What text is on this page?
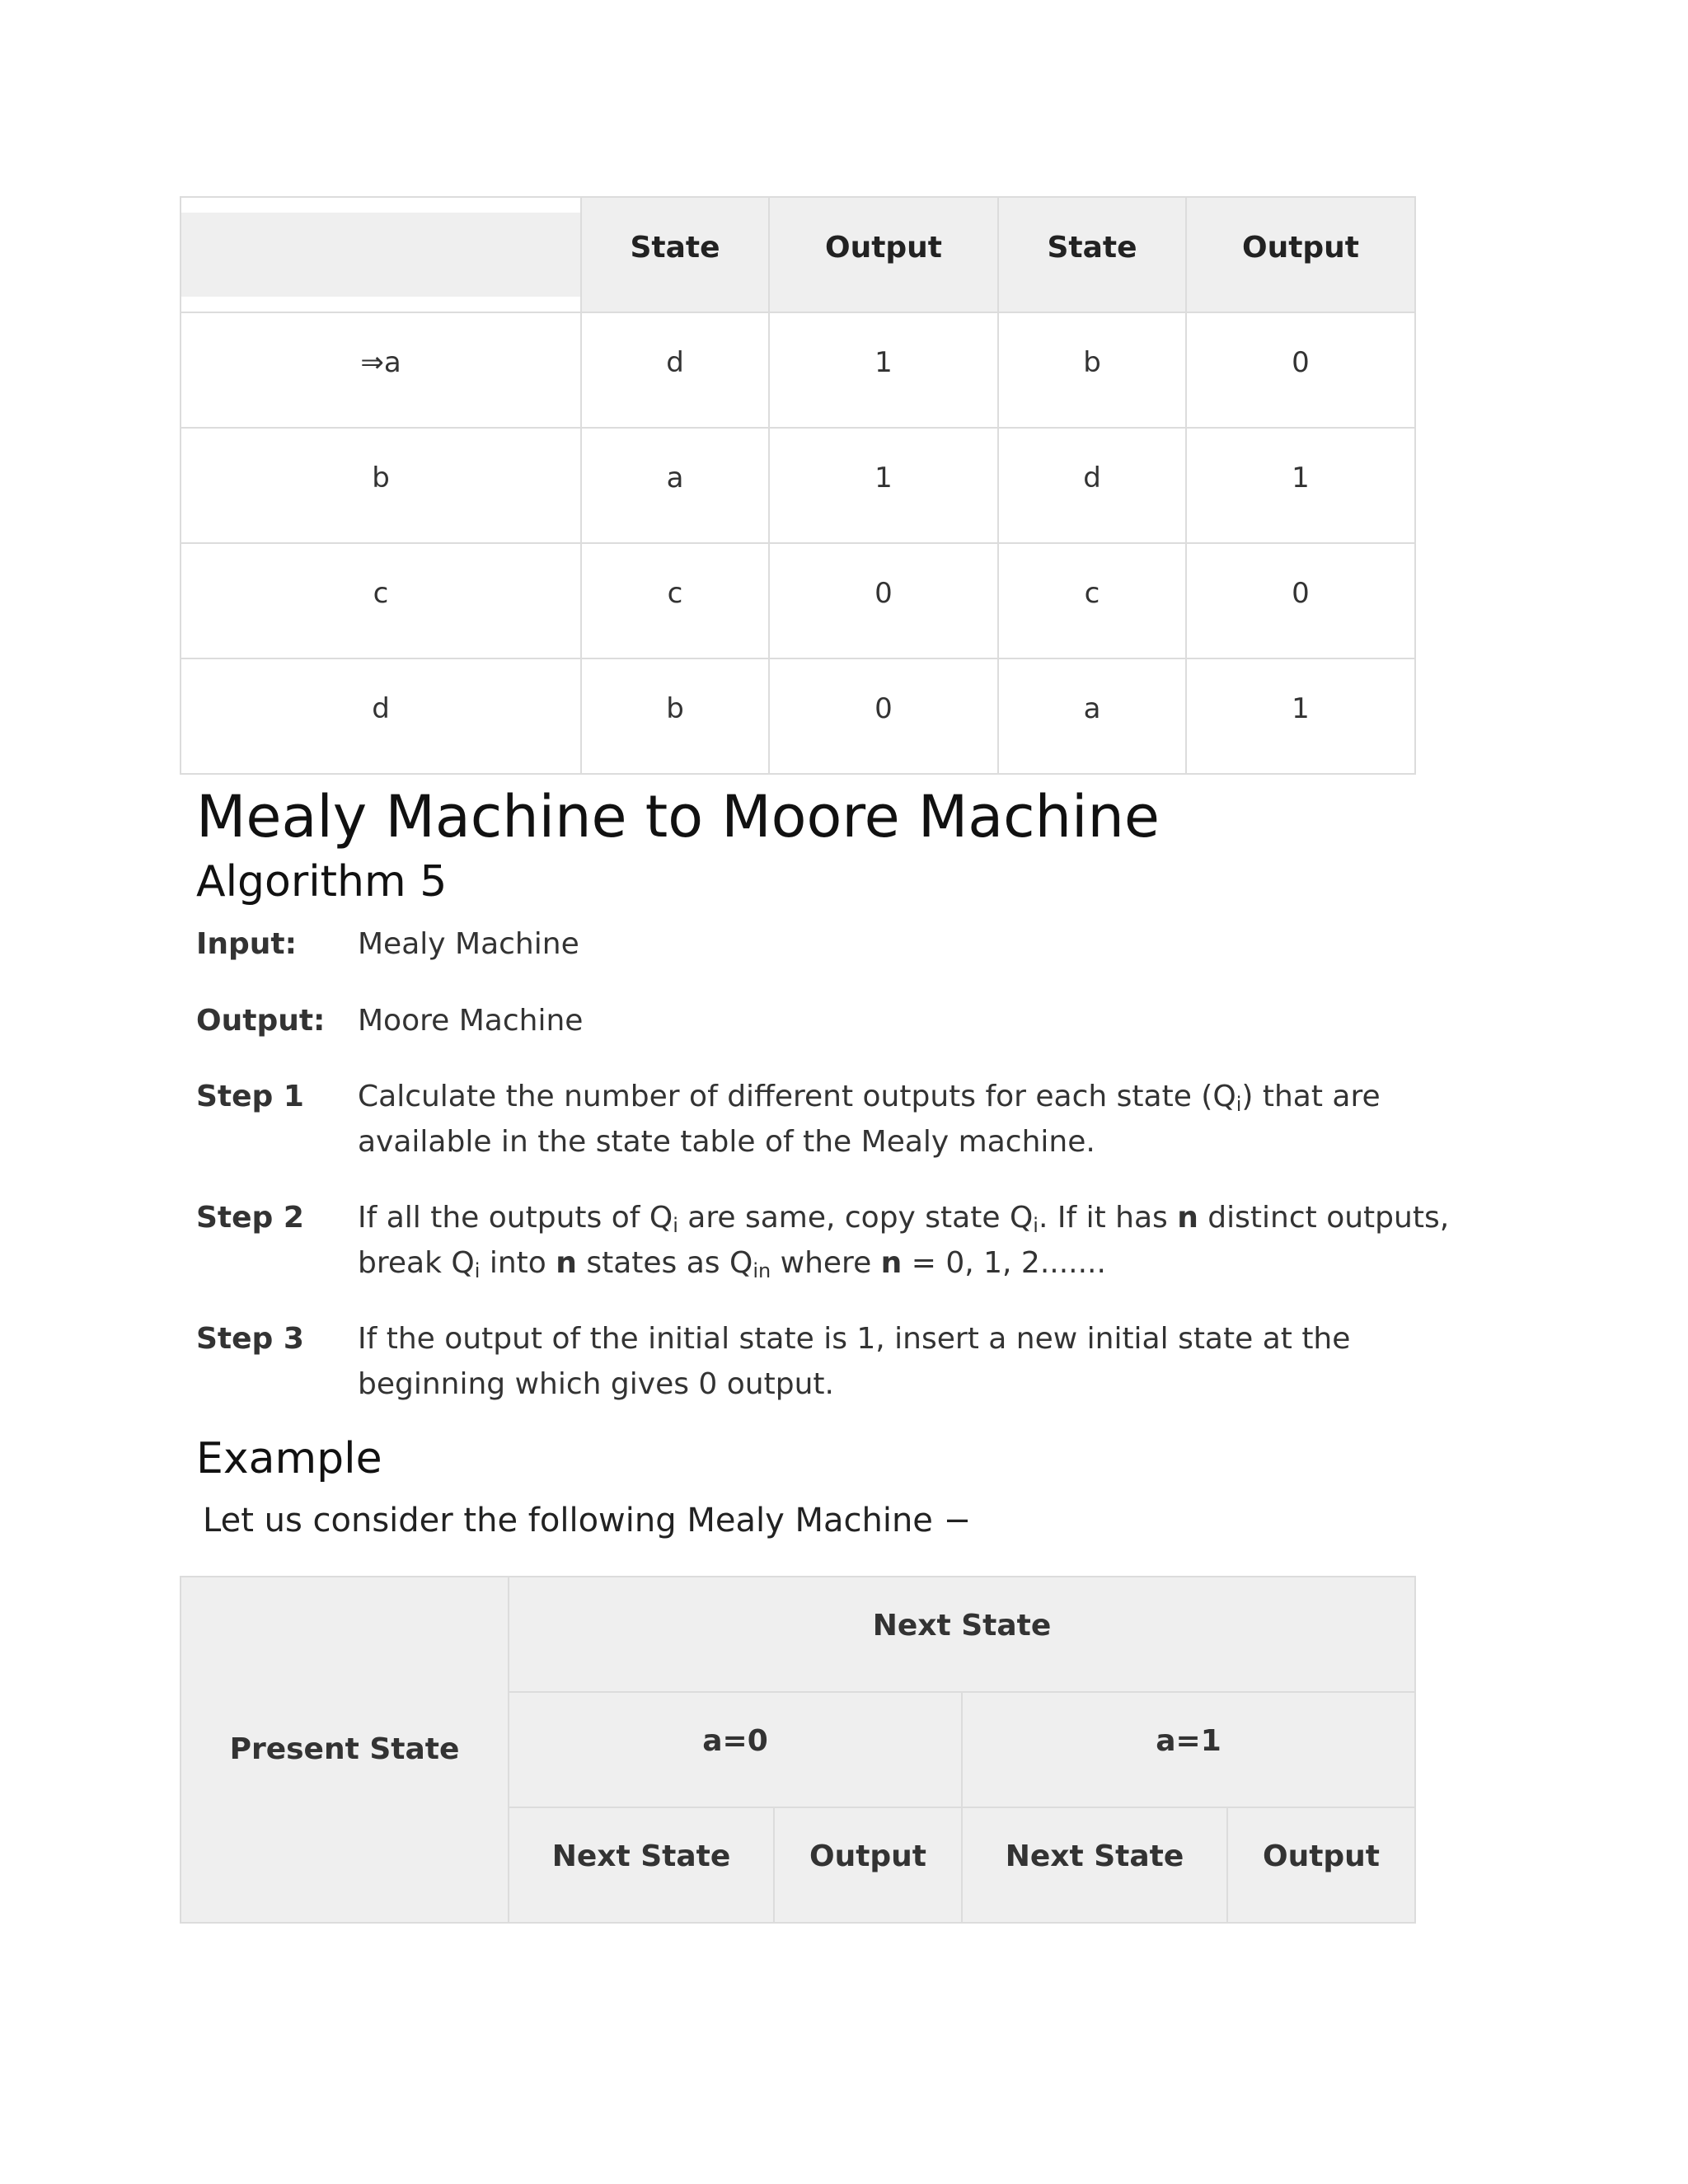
	State	Output	State	Output
⇒a	d	1	b	0
b	a	1	d	1
c	c	0	c	0
d	b	0	a	1
Mealy Machine to Moore Machine
Algorithm 5
Input: Mealy Machine
Output: Moore Machine
Step 1 Calculate the number of different outputs for each state $(Q_i)$ that are
available in the state table of the Mealy machine.
Step 2 If all the outputs of $Q_i$ are same, copy state $Q_i$. If it has n distinct outputs,
break $Q_i$ into n states as $Q_{in}$ where n = 0, 1, 2.......
Step 3 If the output of the initial state is 1, insert a new initial state at the
beginning which gives 0 output.
Example
Let us consider the following Mealy Machine −
Present State	Next State			
	a=0		a=1	
	Next State	Output	Next State	Output
